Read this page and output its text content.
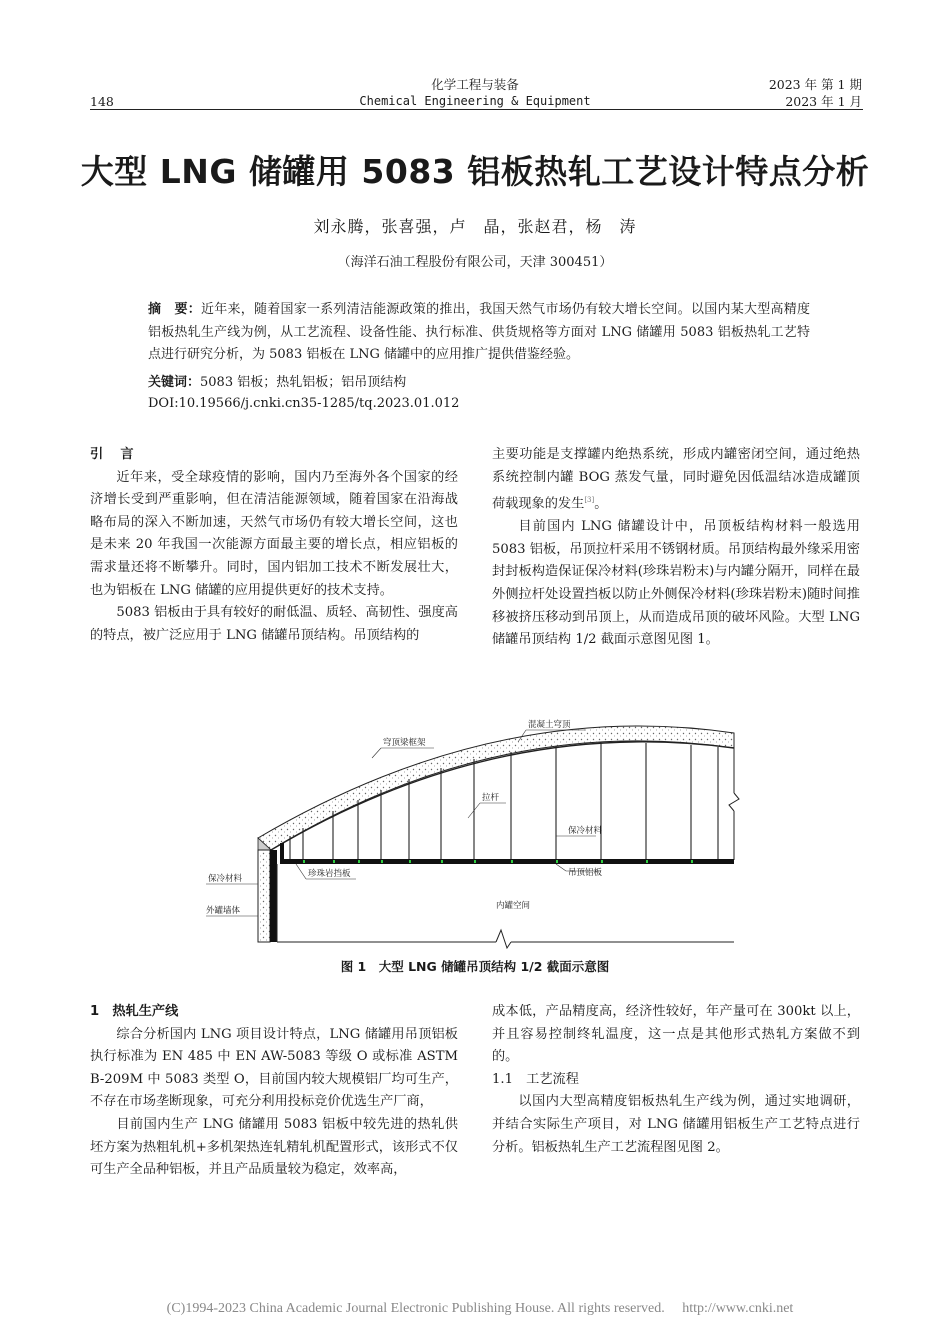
148
化学工程与装备
Chemical Engineering & Equipment
2023 年 第 1 期
2023 年 1 月
大型 LNG 储罐用 5083 铝板热轧工艺设计特点分析
刘永腾，张喜强，卢　晶，张赵君，杨　涛
（海洋石油工程股份有限公司，天津 300451）
摘　要：近年来，随着国家一系列清洁能源政策的推出，我国天然气市场仍有较大增长空间。以国内某大型高精度铝板热轧生产线为例，从工艺流程、设备性能、执行标准、供货规格等方面对 LNG 储罐用 5083 铝板热轧工艺特点进行研究分析，为 5083 铝板在 LNG 储罐中的应用推广提供借鉴经验。
关键词：5083 铝板；热轧铝板；铝吊顶结构
DOI:10.19566/j.cnki.cn35-1285/tq.2023.01.012

引　言

近年来，受全球疫情的影响，国内乃至海外各个国家的经济增长受到严重影响，但在清洁能源领域，随着国家在沿海战略布局的深入不断加速，天然气市场仍有较大增长空间，这也是未来 20 年我国一次能源方面最主要的增长点，相应铝板的需求量还将不断攀升。同时，国内铝加工技术不断发展壮大，也为铝板在 LNG 储罐的应用提供更好的技术支持。

5083 铝板由于具有较好的耐低温、质轻、高韧性、强度高的特点，被广泛应用于 LNG 储罐吊顶结构。吊顶结构的

主要功能是支撑罐内绝热系统，形成内罐密闭空间，通过绝热系统控制内罐 BOG 蒸发气量，同时避免因低温结冰造成罐顶荷载现象的发生[3]。

目前国内 LNG 储罐设计中，吊顶板结构材料一般选用 5083 铝板，吊顶拉杆采用不锈钢材质。吊顶结构最外缘采用密封封板构造保证保冷材料(珍珠岩粉末)与内罐分隔开，同样在最外侧拉杆处设置挡板以防止外侧保冷材料(珍珠岩粉末)随时间推移被挤压移动到吊顶上，从而造成吊顶的破坏风险。大型 LNG 储罐吊顶结构 1/2 截面示意图见图 1。

混凝土穹顶
穹顶梁框架
拉杆
保冷材料
吊顶铝板
珍珠岩挡板
保冷材料
外罐墙体	内罐空间
图 1　大型 LNG 储罐吊顶结构 1/2 截面示意图

1　热轧生产线

综合分析国内 LNG 项目设计特点，LNG 储罐用吊顶铝板执行标准为 EN 485 中 EN AW-5083 等级 O 或标准 ASTM B-209M 中 5083 类型 O，目前国内较大规模铝厂均可生产，不存在市场垄断现象，可充分利用投标竞价优选生产厂商，

目前国内生产 LNG 储罐用 5083 铝板中较先进的热轧供坯方案为热粗轧机+多机架热连轧精轧机配置形式，该形式不仅可生产全品种铝板，并且产品质量较为稳定，效率高，

成本低，产品精度高，经济性较好，年产量可在 300kt 以上，并且容易控制终轧温度，这一点是其他形式热轧方案做不到的。

1.1　工艺流程

以国内大型高精度铝板热轧生产线为例，通过实地调研，并结合实际生产项目，对 LNG 储罐用铝板生产工艺特点进行分析。铝板热轧生产工艺流程图见图 2。

(C)1994-2023 China Academic Journal Electronic Publishing House. All rights reserved.　 http://www.cnki.net
